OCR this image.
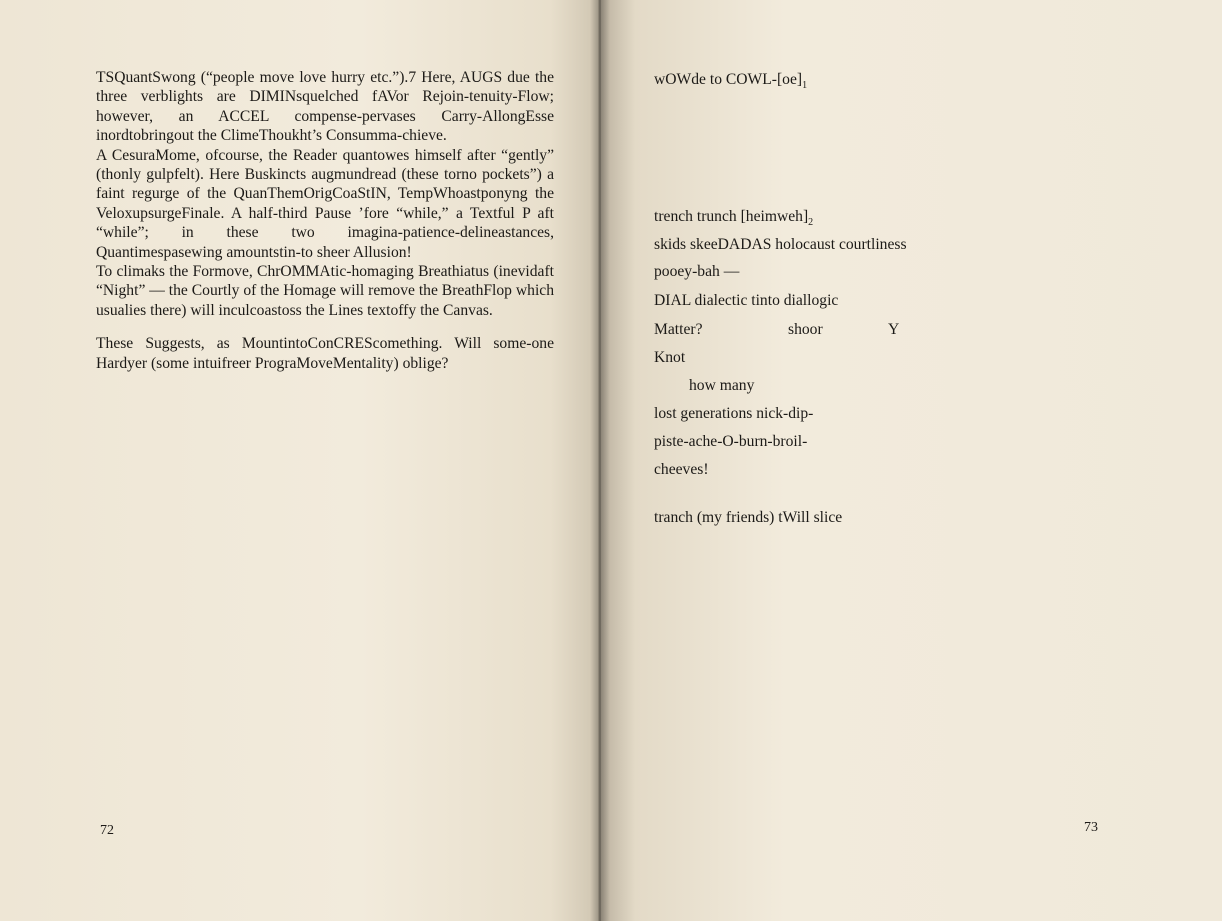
TSQuantSwong (“people move love hurry etc.”).7 Here, AUGS due the three verblights are DIMINsquelched fAVor Rejoin-tenuity-Flow; however, an ACCEL compense-pervases Carry-AllongEsse inordtobringout the ClimeThoukht’s Consumma-chieve.

A CesuraMome, ofcourse, the Reader quantowes himself after “gently” (thonly gulpfelt). Here Buskincts augmundread (these torno pockets”) a faint regurge of the QuanThemOrigCoaStIN, TempWhoastponyng the VeloxupsurgeFinale. A half-third Pause ’fore “while,” a Textful P aft “while”; in these two imagina-patience-delineastances, Quantimespasewing amountstin-to sheer Allusion!

To climaks the Formove, ChrOMMAtic-homaging Breathiatus (inevidaft “Night” — the Courtly of the Homage will remove the BreathFlop which usualies there) will inculcoastoss the Lines textoffy the Canvas.

These Suggests, as MountintoConCREScomething. Will some-one Hardyer (some intuifreer PrograMoveMentality) oblige?

72
wOWde to COWL-$[oe]_1$
trench trunch $[heimweh]_2$
skids skeeDADAS holocaust courtliness
pooey-bah —
DIAL dialectic tinto diallogic
Matter?	shoor	Y
Knot
how many
lost generations nick-dip-
piste-ache-O-burn-broil-
cheeves!
tranch (my friends) tWill slice
73
